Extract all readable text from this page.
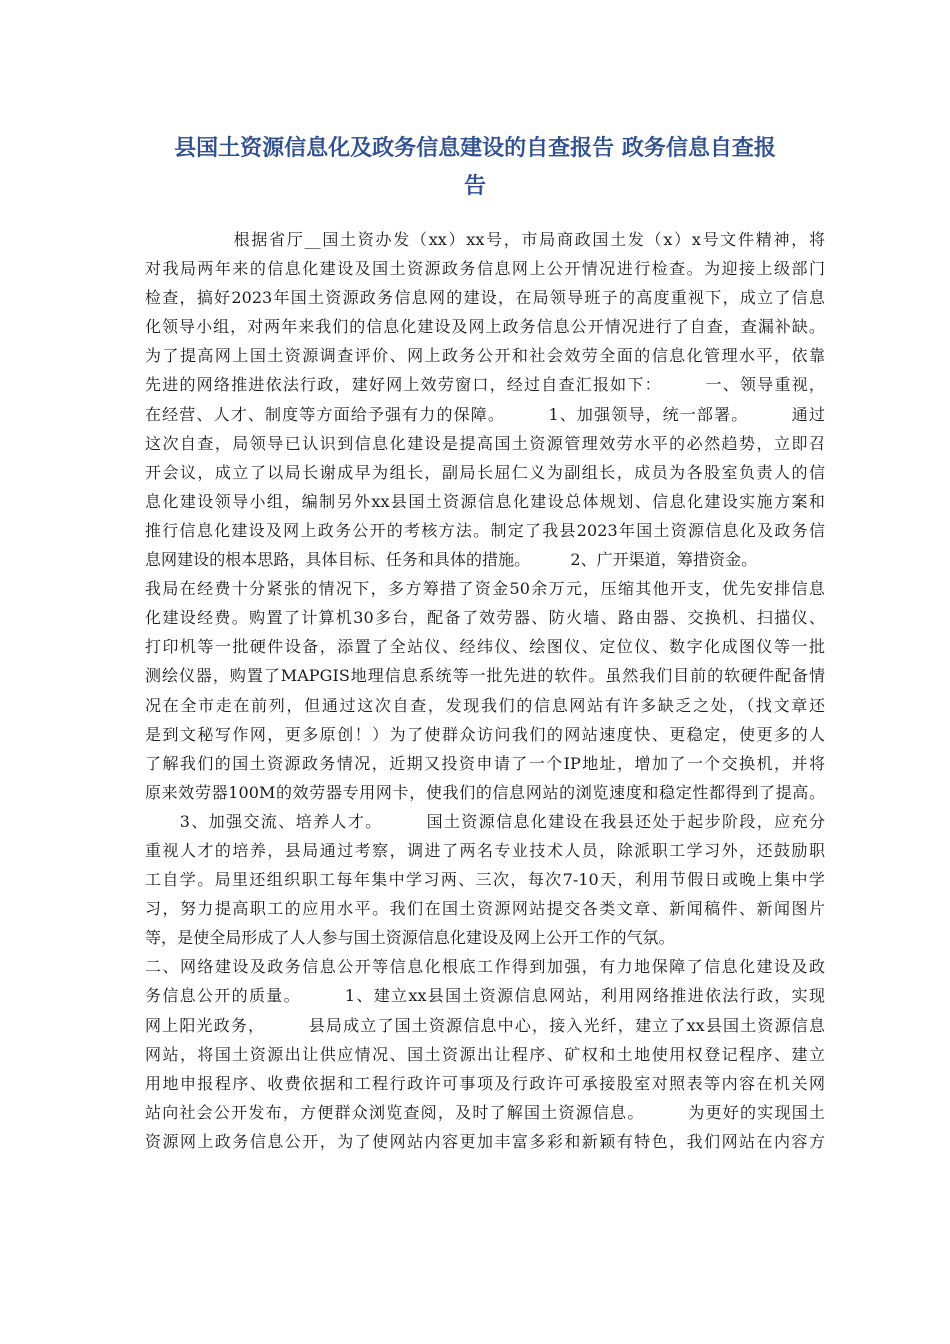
县国土资源信息化及政务信息建设的自查报告 政务信息自查报
告
　　　　　根据省厅__国土资办发（xx）xx号，市局商政国土发（x）x号文件精神，将
对我局两年来的信息化建设及国土资源政务信息网上公开情况进行检查。为迎接上级部门
检查，搞好2023年国土资源政务信息网的建设，在局领导班子的高度重视下，成立了信息
化领导小组，对两年来我们的信息化建设及网上政务信息公开情况进行了自查，查漏补缺。
为了提高网上国土资源调查评价、网上政务公开和社会效劳全面的信息化管理水平，依靠
先进的网络推进依法行政，建好网上效劳窗口，经过自查汇报如下：　　　一、领导重视，
在经营、人才、制度等方面给予强有力的保障。　　　1、加强领导，统一部署。　　　通过
这次自查，局领导已认识到信息化建设是提高国土资源管理效劳水平的必然趋势，立即召
开会议，成立了以局长谢成早为组长，副局长屈仁义为副组长，成员为各股室负责人的信
息化建设领导小组，编制另外xx县国土资源信息化建设总体规划、信息化建设实施方案和
推行信息化建设及网上政务公开的考核方法。制定了我县2023年国土资源信息化及政务信
息网建设的根本思路，具体目标、任务和具体的措施。　　　2、广开渠道，筹措资金。
我局在经费十分紧张的情况下，多方筹措了资金50余万元，压缩其他开支，优先安排信息
化建设经费。购置了计算机30多台，配备了效劳器、防火墙、路由器、交换机、扫描仪、
打印机等一批硬件设备，添置了全站仪、经纬仪、绘图仪、定位仪、数字化成图仪等一批
测绘仪器，购置了MAPGIS地理信息系统等一批先进的软件。虽然我们目前的软硬件配备情
况在全市走在前列，但通过这次自查，发现我们的信息网站有许多缺乏之处，（找文章还
是到文秘写作网，更多原创！）为了使群众访问我们的网站速度快、更稳定，使更多的人
了解我们的国土资源政务情况，近期又投资申请了一个IP地址，增加了一个交换机，并将
原来效劳器100M的效劳器专用网卡，使我们的信息网站的浏览速度和稳定性都得到了提高。
　　3、加强交流、培养人才。　　　国土资源信息化建设在我县还处于起步阶段，应充分
重视人才的培养，县局通过考察，调进了两名专业技术人员，除派职工学习外，还鼓励职
工自学。局里还组织职工每年集中学习两、三次，每次7-10天，利用节假日或晚上集中学
习，努力提高职工的应用水平。我们在国土资源网站提交各类文章、新闻稿件、新闻图片
等，是使全局形成了人人参与国土资源信息化建设及网上公开工作的气氛。
二、网络建设及政务信息公开等信息化根底工作得到加强，有力地保障了信息化建设及政
务信息公开的质量。　　　1、建立xx县国土资源信息网站，利用网络推进依法行政，实现
网上阳光政务，　　　县局成立了国土资源信息中心，接入光纤，建立了xx县国土资源信息
网站，将国土资源出让供应情况、国土资源出让程序、矿权和土地使用权登记程序、建立
用地申报程序、收费依据和工程行政许可事项及行政许可承接股室对照表等内容在机关网
站向社会公开发布，方便群众浏览查阅，及时了解国土资源信息。　　　为更好的实现国土
资源网上政务信息公开，为了使网站内容更加丰富多彩和新颖有特色，我们网站在内容方
